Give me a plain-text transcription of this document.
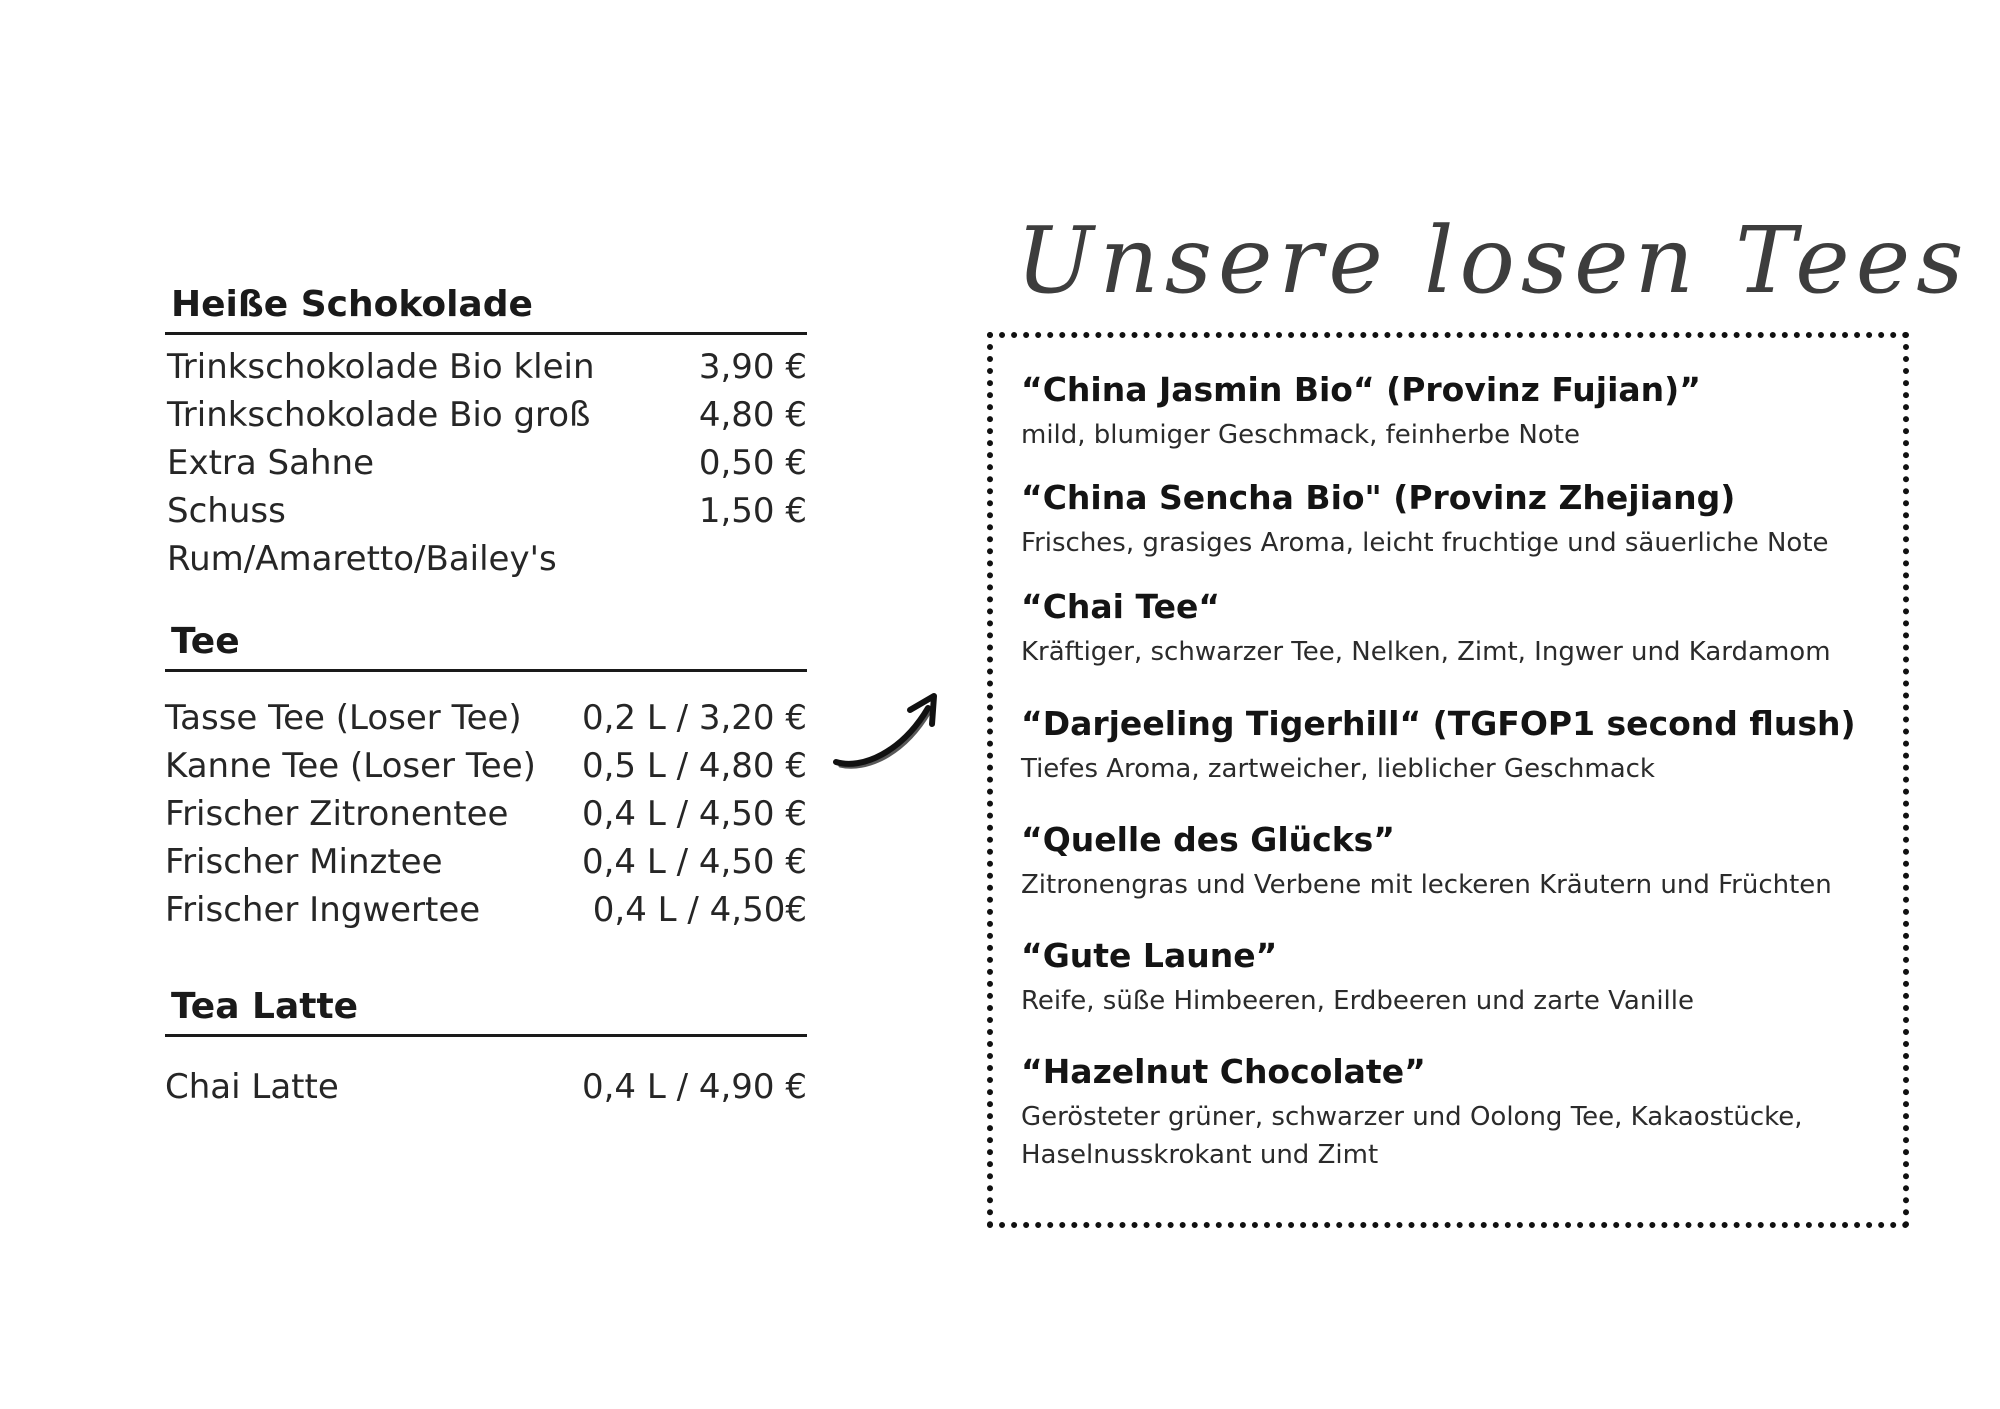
Heiße Schokolade
Trinkschokolade Bio klein	3,90 €
Trinkschokolade Bio groß	4,80 €
Extra Sahne	0,50 €
Schuss	1,50 €
Rum/Amaretto/Bailey's
Tee
Tasse Tee (Loser Tee) 0,2 L / 3,20 €
Kanne Tee (Loser Tee) 0,5 L / 4,80 €
Frischer Zitronentee 0,4 L / 4,50 €
Frischer Minztee	0,4 L / 4,50 €
Frischer Ingwertee	0,4 L / 4,50€
Tea Latte
Chai Latte	0,4 L / 4,90 €
Unsere losen Tees
“China Jasmin Bio“ (Provinz Fujian)”

mild, blumiger Geschmack, feinherbe Note

“China Sencha Bio" (Provinz Zhejiang)

Frisches, grasiges Aroma, leicht fruchtige und säuerliche Note

“Chai Tee“

Kräftiger, schwarzer Tee, Nelken, Zimt, Ingwer und Kardamom

“Darjeeling Tigerhill“ (TGFOP1 second flush)

Tiefes Aroma, zartweicher, lieblicher Geschmack

“Quelle des Glücks”

Zitronengras und Verbene mit leckeren Kräutern und Früchten

“Gute Laune”

Reife, süße Himbeeren, Erdbeeren und zarte Vanille

“Hazelnut Chocolate”

Gerösteter grüner, schwarzer und Oolong Tee, Kakaostücke, Haselnusskrokant und Zimt
